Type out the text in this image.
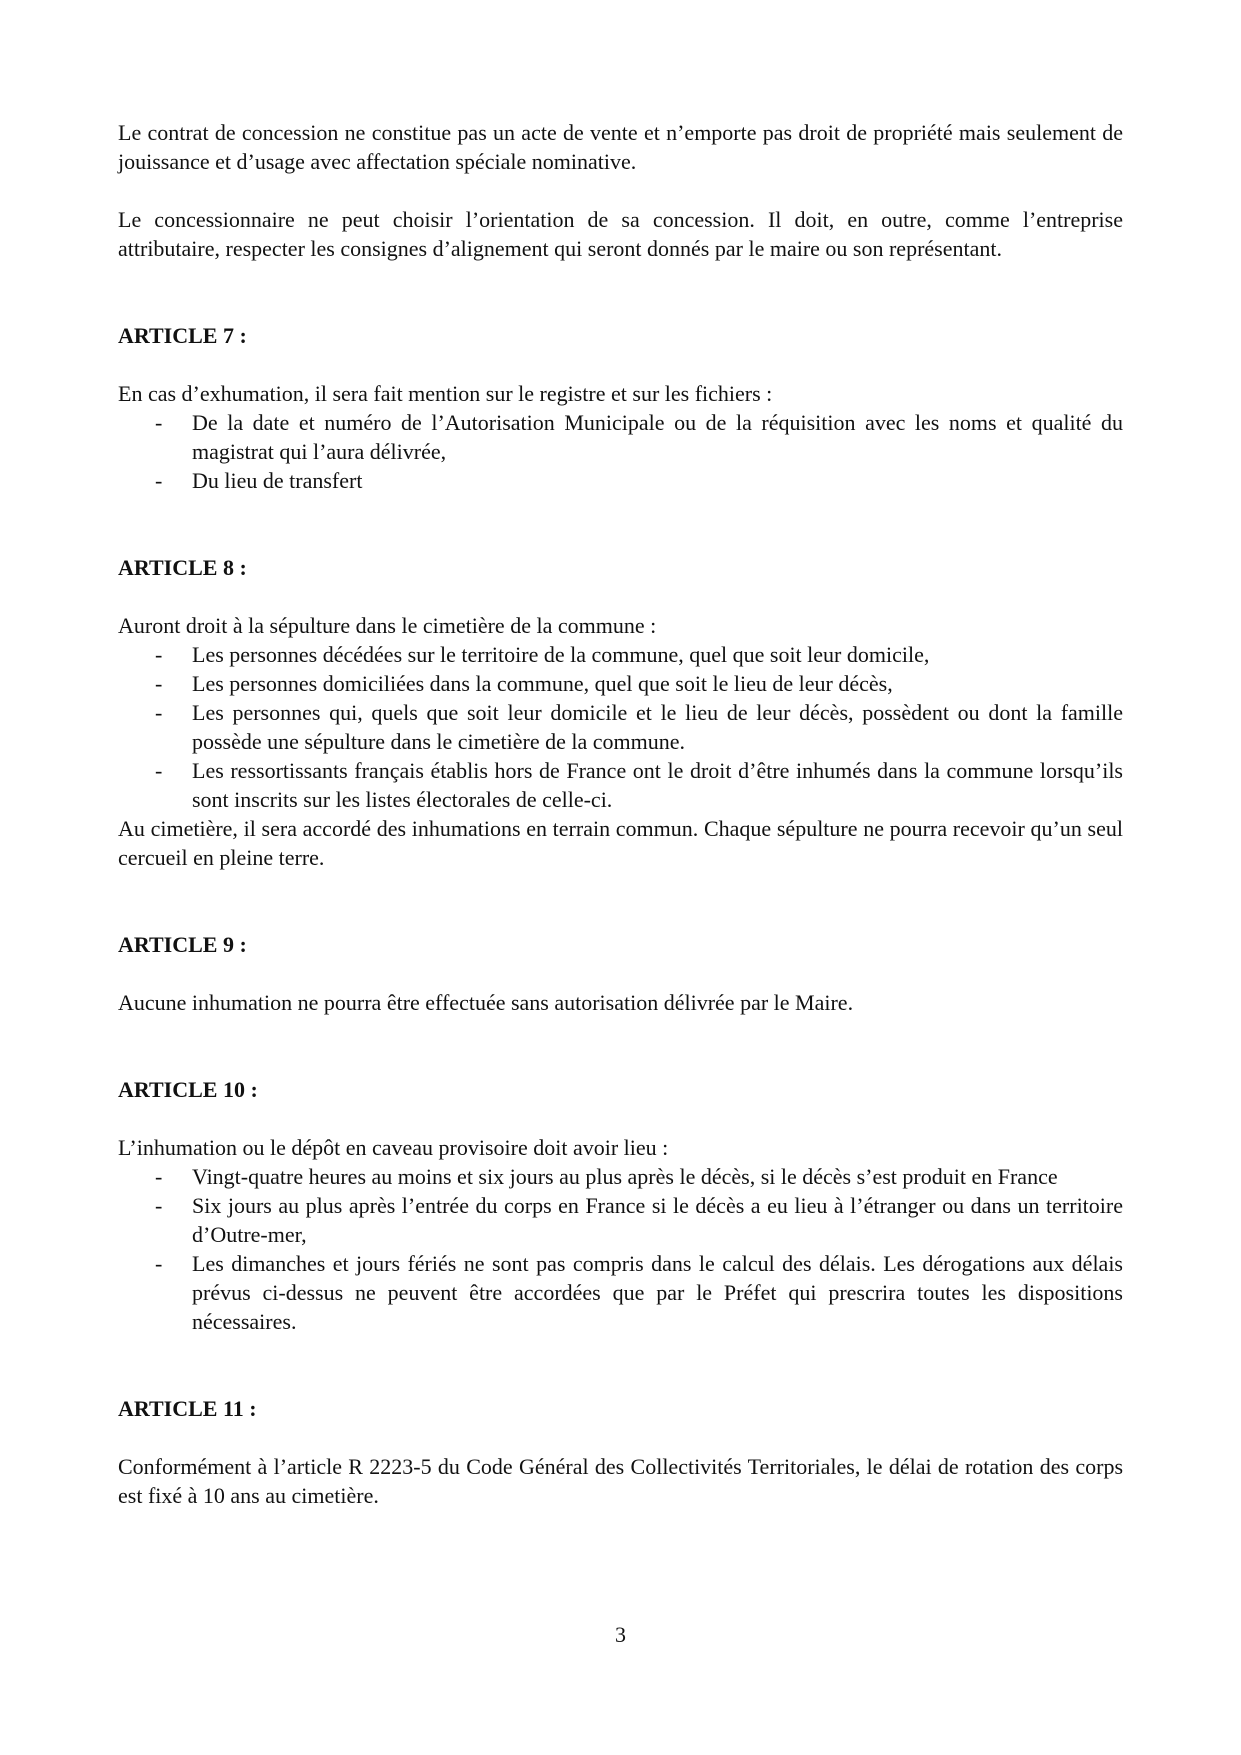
Le contrat de concession ne constitue pas un acte de vente et n’emporte pas droit de propriété mais seulement de jouissance et d’usage avec affectation spéciale nominative.

Le concessionnaire ne peut choisir l’orientation de sa concession. Il doit, en outre, comme l’entreprise attributaire, respecter les consignes d’alignement qui seront donnés par le maire ou son représentant.

ARTICLE 7 :

En cas d’exhumation, il sera fait mention sur le registre et sur les fichiers :

- De la date et numéro de l’Autorisation Municipale ou de la réquisition avec les noms et qualité du magistrat qui l’aura délivrée,
- Du lieu de transfert
ARTICLE 8 :

Auront droit à la sépulture dans le cimetière de la commune :

- Les personnes décédées sur le territoire de la commune, quel que soit leur domicile,
- Les personnes domiciliées dans la commune, quel que soit le lieu de leur décès,
- Les personnes qui, quels que soit leur domicile et le lieu de leur décès, possèdent ou dont la famille possède une sépulture dans le cimetière de la commune.
- Les ressortissants français établis hors de France ont le droit d’être inhumés dans la commune lorsqu’ils sont inscrits sur les listes électorales de celle-ci.

Au cimetière, il sera accordé des inhumations en terrain commun. Chaque sépulture ne pourra recevoir qu’un seul cercueil en pleine terre.

ARTICLE 9 :

Aucune inhumation ne pourra être effectuée sans autorisation délivrée par le Maire.

ARTICLE 10 :

L’inhumation ou le dépôt en caveau provisoire doit avoir lieu :

- Vingt-quatre heures au moins et six jours au plus après le décès, si le décès s’est produit en France
- Six jours au plus après l’entrée du corps en France si le décès a eu lieu à l’étranger ou dans un territoire d’Outre-mer,
- Les dimanches et jours fériés ne sont pas compris dans le calcul des délais. Les dérogations aux délais prévus ci-dessus ne peuvent être accordées que par le Préfet qui prescrira toutes les dispositions nécessaires.
ARTICLE 11 :

Conformément à l’article R 2223-5 du Code Général des Collectivités Territoriales, le délai de rotation des corps est fixé à 10 ans au cimetière.

3
